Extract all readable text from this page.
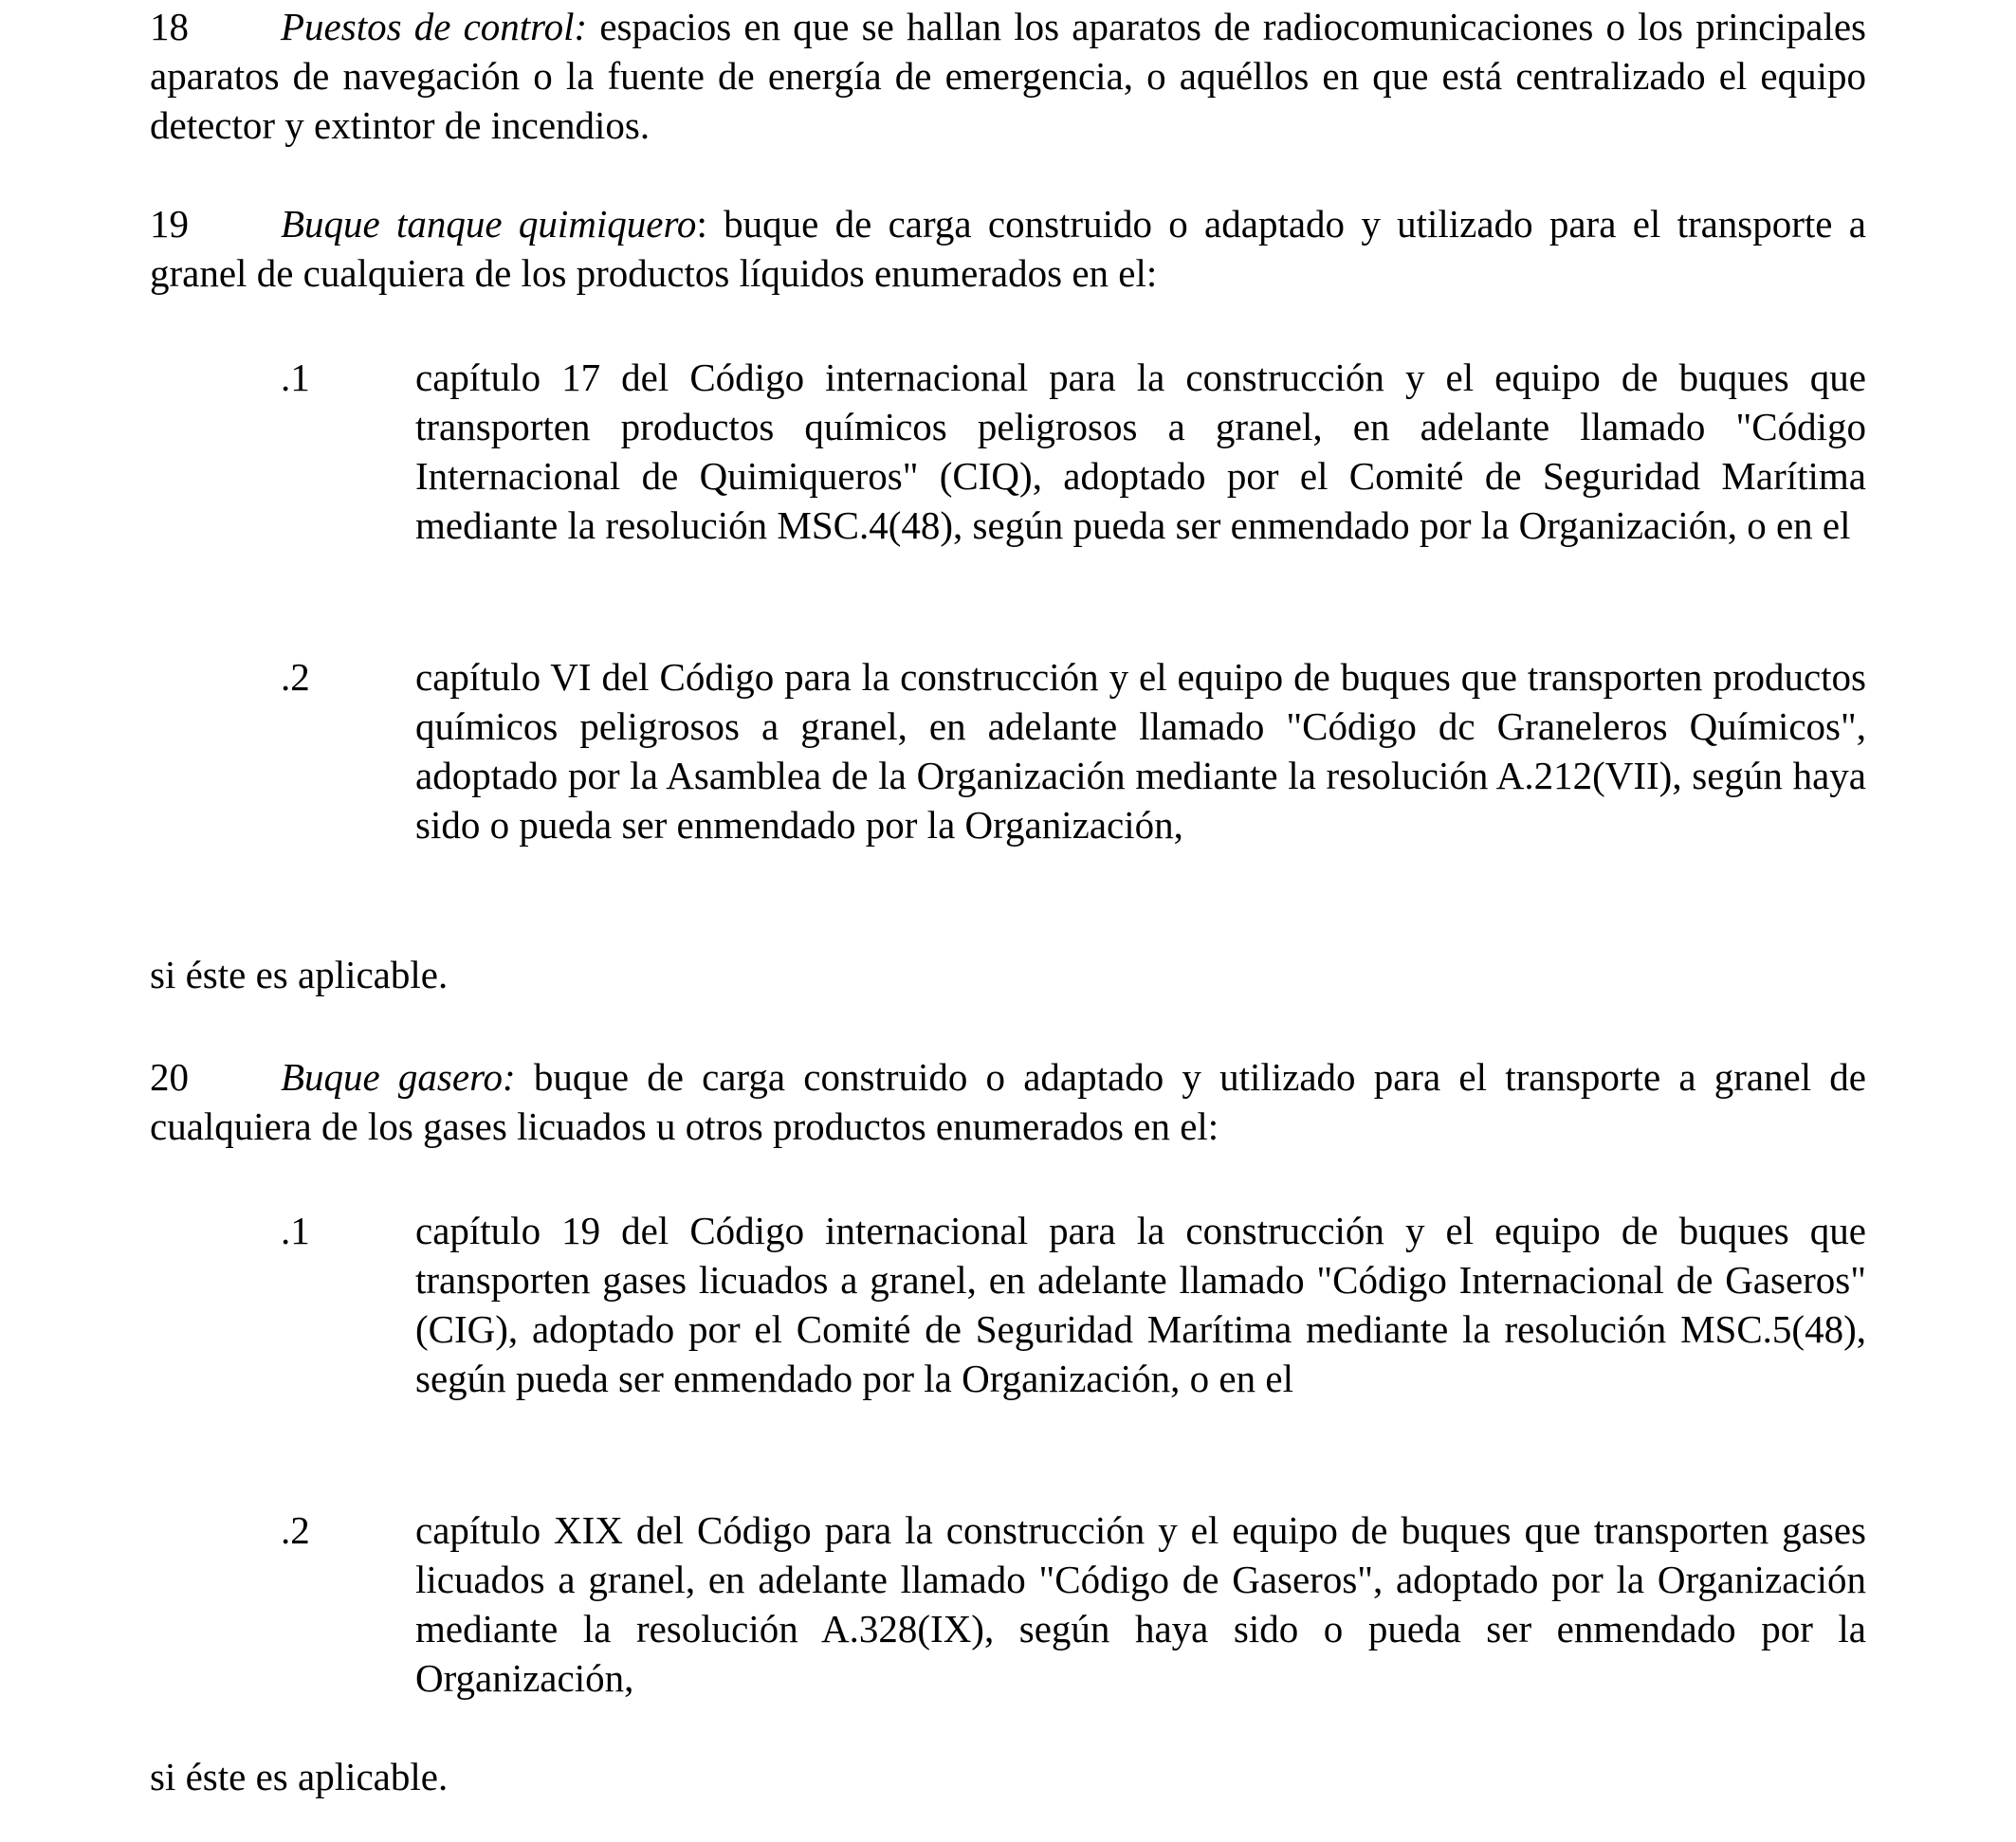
18 Puestos de control: espacios en que se hallan los aparatos de radiocomunicaciones o los principales aparatos de navegación o la fuente de energía de emergencia, o aquéllos en que está centralizado el equipo detector y extintor de incendios.

19 Buque tanque quimiquero: buque de carga construido o adaptado y utilizado para el transporte a granel de cualquiera de los productos líquidos enumerados en el:

.1	capítulo 17 del Código internacional para la construcción y el equipo de buques que transporten productos químicos peligrosos a granel, en adelante llamado "Código Internacional de Quimiqueros" (CIQ), adoptado por el Comité de Seguridad Marítima mediante la resolución MSC.4(48), según pueda ser enmendado por la Organización, o en el
.2	capítulo VI del Código para la construcción y el equipo de buques que transporten productos químicos peligrosos a granel, en adelante llamado "Código dc Graneleros Químicos", adoptado por la Asamblea de la Organización mediante la resolución A.212(VII), según haya sido o pueda ser enmendado por la Organización,
si éste es aplicable.

20 Buque gasero: buque de carga construido o adaptado y utilizado para el transporte a granel de cualquiera de los gases licuados u otros productos enumerados en el:

.1	capítulo 19 del Código internacional para la construcción y el equipo de buques que transporten gases licuados a granel, en adelante llamado "Código Internacional de Gaseros" (CIG), adoptado por el Comité de Seguridad Marítima mediante la resolución MSC.5(48), según pueda ser enmendado por la Organización, o en el
.2	capítulo XIX del Código para la construcción y el equipo de buques que transporten gases licuados a granel, en adelante llamado "Código de Gaseros", adoptado por la Organización mediante la resolución A.328(IX), según haya sido o pueda ser enmendado por la Organización,
si éste es aplicable.
